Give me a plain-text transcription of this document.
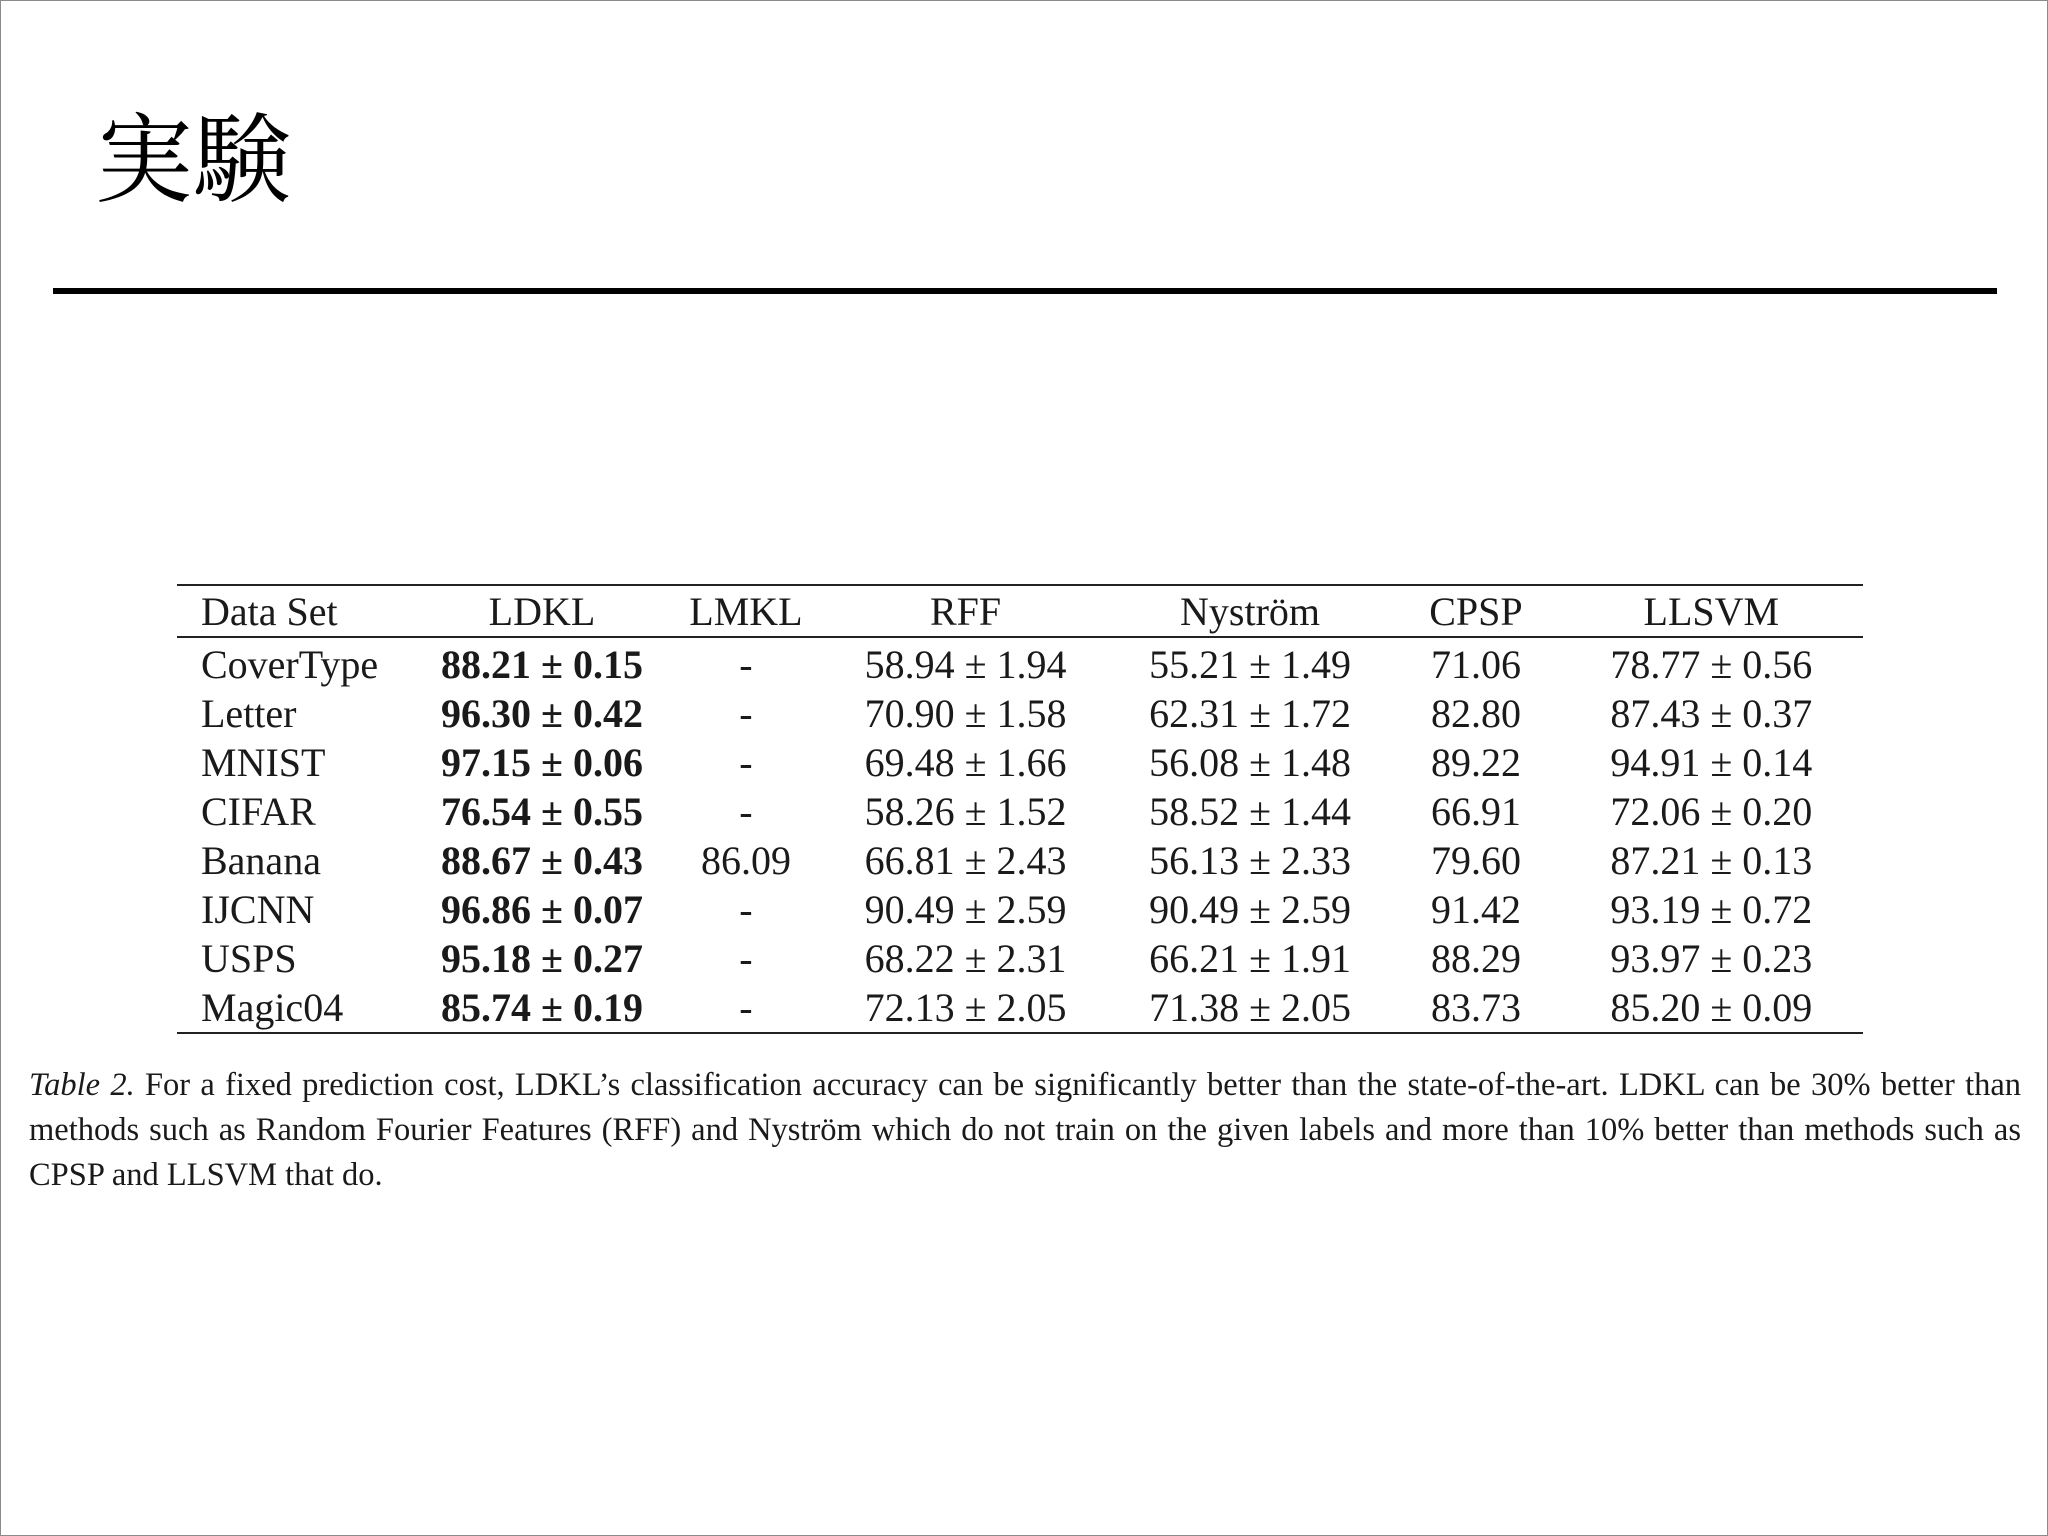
実験
Data Set	LDKL	LMKL	RFF	Nyström	CPSP	LLSVM
CoverType	88.21 ± 0.15	-	58.94 ± 1.94	55.21 ± 1.49	71.06	78.77 ± 0.56
Letter	96.30 ± 0.42	-	70.90 ± 1.58	62.31 ± 1.72	82.80	87.43 ± 0.37
MNIST	97.15 ± 0.06	-	69.48 ± 1.66	56.08 ± 1.48	89.22	94.91 ± 0.14
CIFAR	76.54 ± 0.55	-	58.26 ± 1.52	58.52 ± 1.44	66.91	72.06 ± 0.20
Banana	88.67 ± 0.43	86.09	66.81 ± 2.43	56.13 ± 2.33	79.60	87.21 ± 0.13
IJCNN	96.86 ± 0.07	-	90.49 ± 2.59	90.49 ± 2.59	91.42	93.19 ± 0.72
USPS	95.18 ± 0.27	-	68.22 ± 2.31	66.21 ± 1.91	88.29	93.97 ± 0.23
Magic04	85.74 ± 0.19	-	72.13 ± 2.05	71.38 ± 2.05	83.73	85.20 ± 0.09

Table 2. For a fixed prediction cost, LDKL’s classification accuracy can be significantly better than the state-of-the-art. LDKL can be 30% better than methods such as Random Fourier Features (RFF) and Nyström which do not train on the given labels and more than 10% better than methods such as CPSP and LLSVM that do.
